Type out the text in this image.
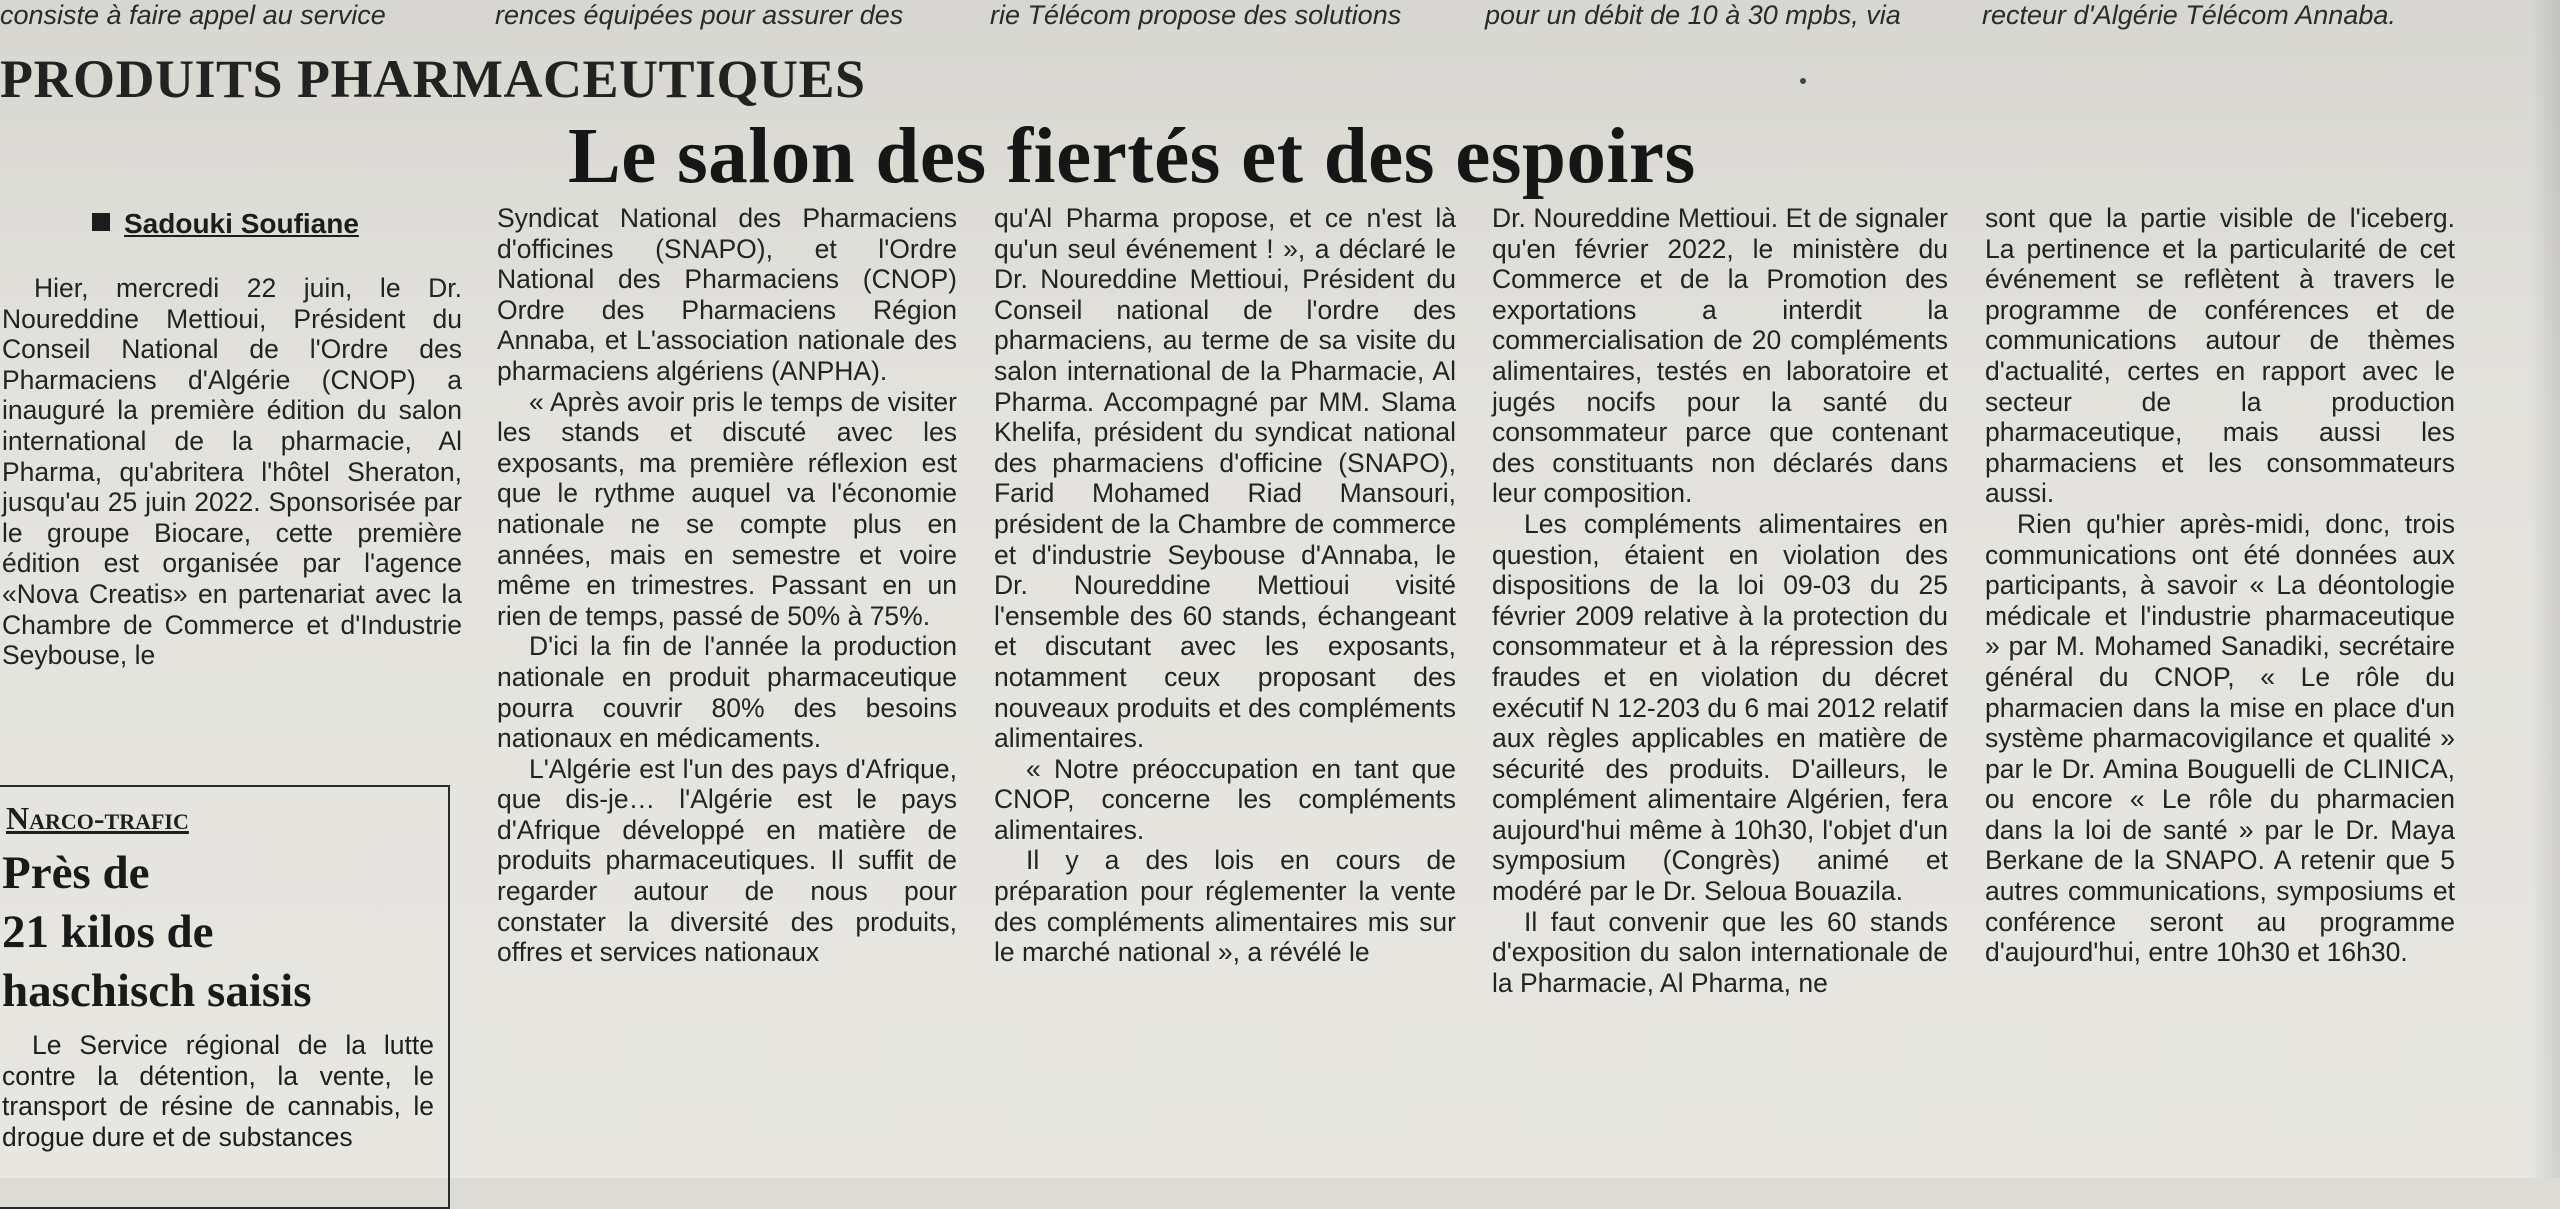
consiste à faire appel au service	rences équipées pour assurer des	rie Télécom propose des solutions	pour un débit de 10 à 30 mpbs, via	recteur d'Algérie Télécom Annaba.

PRODUITS PHARMACEUTIQUES
Le salon des fiertés et des espoirs
Sadouki Soufiane

Hier, mercredi 22 juin, le Dr. Noureddine Mettioui, Président du Conseil National de l'Ordre des Pharmaciens d'Algérie (CNOP) a inauguré la première édition du salon international de la pharmacie, Al Pharma, qu'abritera l'hôtel Sheraton, jusqu'au 25 juin 2022. Sponsorisée par le groupe Biocare, cette première édition est organisée par l'agence «Nova Creatis» en partenariat avec la Chambre de Commerce et d'Industrie Seybouse, le

Narco-trafic
Près de
21 kilos de
haschisch saisis

Le Service régional de la lutte contre la détention, la vente, le transport de résine de cannabis, le drogue dure et de substances

Syndicat National des Pharmaciens d'officines (SNAPO), et l'Ordre National des Pharmaciens (CNOP) Ordre des Pharmaciens Région Annaba, et L'association nationale des pharmaciens algériens (ANPHA).

« Après avoir pris le temps de visiter les stands et discuté avec les exposants, ma première réflexion est que le rythme auquel va l'économie nationale ne se compte plus en années, mais en semestre et voire même en trimestres. Passant en un rien de temps, passé de 50% à 75%.

D'ici la fin de l'année la production nationale en produit pharmaceutique pourra couvrir 80% des besoins nationaux en médicaments.

L'Algérie est l'un des pays d'Afrique, que dis-je… l'Algérie est le pays d'Afrique développé en matière de produits pharmaceutiques. Il suffit de regarder autour de nous pour constater la diversité des produits, offres et services nationaux

qu'Al Pharma propose, et ce n'est là qu'un seul événement ! », a déclaré le Dr. Noureddine Mettioui, Président du Conseil national de l'ordre des pharmaciens, au terme de sa visite du salon international de la Pharmacie, Al Pharma. Accompagné par MM. Slama Khelifa, président du syndicat national des pharmaciens d'officine (SNAPO), Farid Mohamed Riad Mansouri, président de la Chambre de commerce et d'industrie Seybouse d'Annaba, le Dr. Noureddine Mettioui visité l'ensemble des 60 stands, échangeant et discutant avec les exposants, notamment ceux proposant des nouveaux produits et des compléments alimentaires.

« Notre préoccupation en tant que CNOP, concerne les compléments alimentaires.

Il y a des lois en cours de préparation pour réglementer la vente des compléments alimentaires mis sur le marché national », a révélé le

Dr. Noureddine Mettioui. Et de signaler qu'en février 2022, le ministère du Commerce et de la Promotion des exportations a interdit la commercialisation de 20 compléments alimentaires, testés en laboratoire et jugés nocifs pour la santé du consommateur parce que contenant des constituants non déclarés dans leur composition.

Les compléments alimentaires en question, étaient en violation des dispositions de la loi 09-03 du 25 février 2009 relative à la protection du consommateur et à la répression des fraudes et en violation du décret exécutif N 12-203 du 6 mai 2012 relatif aux règles applicables en matière de sécurité des produits. D'ailleurs, le complément alimentaire Algérien, fera aujourd'hui même à 10h30, l'objet d'un symposium (Congrès) animé et modéré par le Dr. Seloua Bouazila.

Il faut convenir que les 60 stands d'exposition du salon internationale de la Pharmacie, Al Pharma, ne

sont que la partie visible de l'iceberg. La pertinence et la particularité de cet événement se reflètent à travers le programme de conférences et de communications autour de thèmes d'actualité, certes en rapport avec le secteur de la production pharmaceutique, mais aussi les pharmaciens et les consommateurs aussi.

Rien qu'hier après-midi, donc, trois communications ont été données aux participants, à savoir « La déontologie médicale et l'industrie pharmaceutique » par M. Mohamed Sanadiki, secrétaire général du CNOP, « Le rôle du pharmacien dans la mise en place d'un système pharmacovigilance et qualité » par le Dr. Amina Bouguelli de CLINICA, ou encore « Le rôle du pharmacien dans la loi de santé » par le Dr. Maya Berkane de la SNAPO. A retenir que 5 autres communications, symposiums et conférence seront au programme d'aujourd'hui, entre 10h30 et 16h30.
